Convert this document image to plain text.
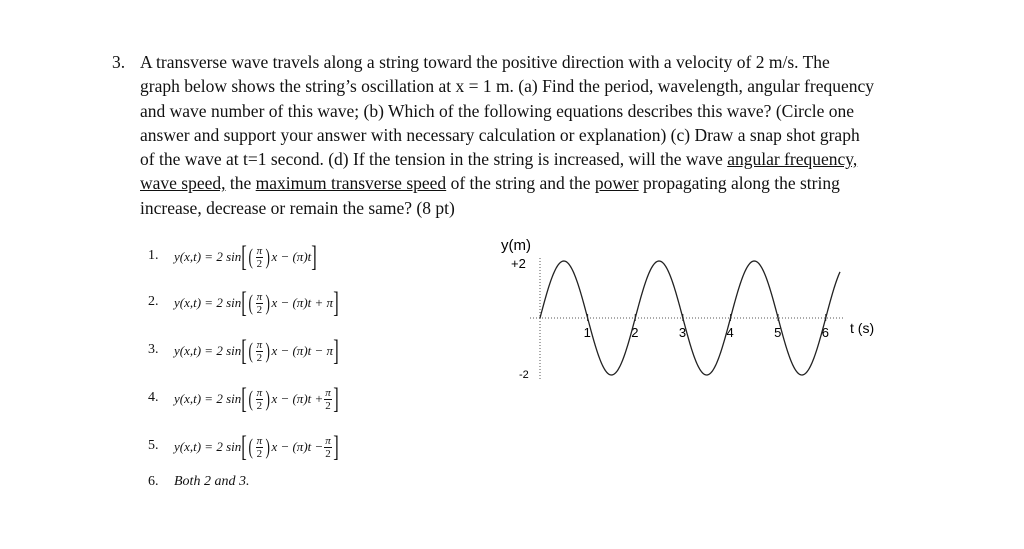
3. A transverse wave travels along a string toward the positive direction with a velocity of 2 m/s. The
graph below shows the string’s oscillation at x = 1 m. (a) Find the period, wavelength, angular frequency
and wave number of this wave; (b) Which of the following equations describes this wave? (Circle one
answer and support your answer with necessary calculation or explanation) (c) Draw a snap shot graph
of the wave at t=1 second. (d) If the tension in the string is increased, will the wave angular frequency,
wave speed, the maximum transverse speed of the string and the power propagating along the string
increase, decrease or remain the same? (8 pt)
1. y(x,t) = 2 sin [ ( $\frac{\pi}{2}$ ) x − (π)t ]
2. y(x,t) = 2 sin [ ( $\frac{\pi}{2}$ ) x − (π)t + π ]
3. y(x,t) = 2 sin [ ( $\frac{\pi}{2}$ ) x − (π)t − π ]
4. y(x,t) = 2 sin [ ( $\frac{\pi}{2}$ ) $x - (\pi)t + \frac{\pi}{2}$ ]
5. y(x,t) = 2 sin [ ( $\frac{\pi}{2}$ ) $x - (\pi)t - \frac{\pi}{2}$ ]
6. Both 2 and 3.
y(m)
+2
-2
t (s)
1	2	3	4	5	6
